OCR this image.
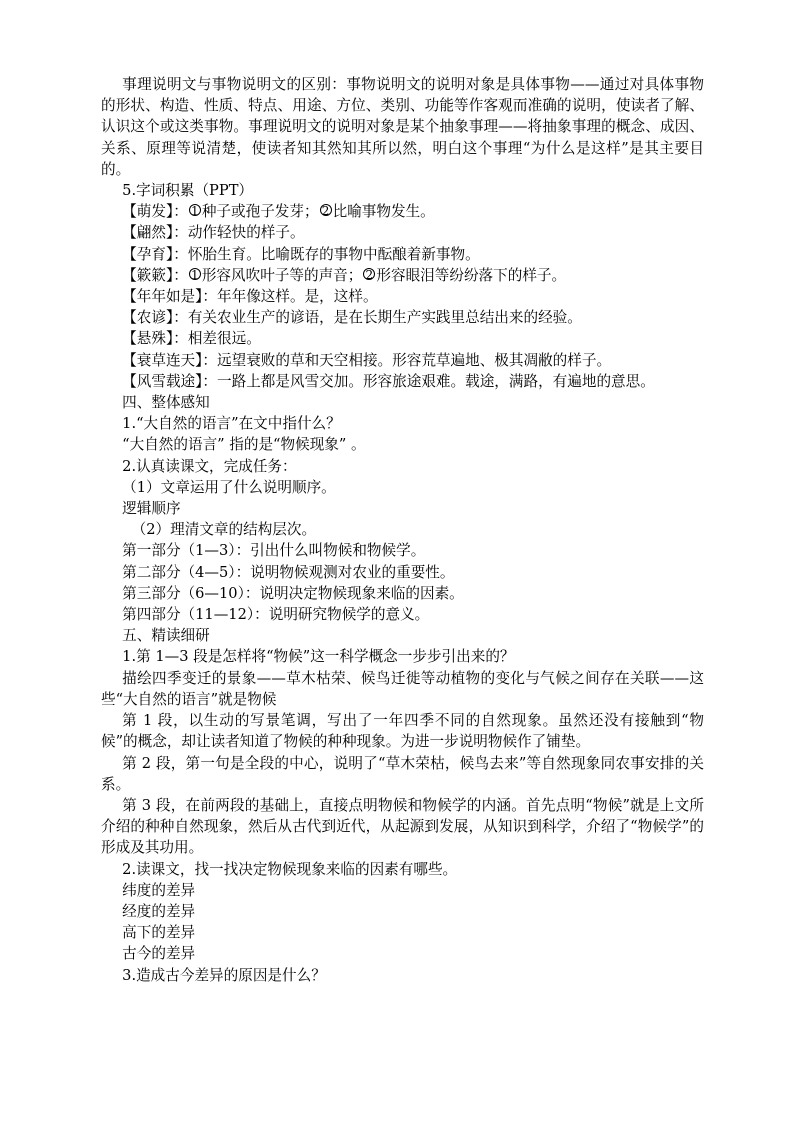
事理说明文与事物说明文的区别：事物说明文的说明对象是具体事物——通过对具体事物的形状、构造、性质、特点、用途、方位、类别、功能等作客观而准确的说明，使读者了解、认识这个或这类事物。事理说明文的说明对象是某个抽象事理——将抽象事理的概念、成因、关系、原理等说清楚，使读者知其然知其所以然，明白这个事理“为什么是这样”是其主要目的。

5.字词积累（PPT）

【萌发】： 1 种子或孢子发芽； 2 比喻事物发生。

【翩然】：动作轻快的样子。

【孕育】：怀胎生育。比喻既存的事物中酝酿着新事物。

【簌簌】： 1 形容风吹叶子等的声音； 2 形容眼泪等纷纷落下的样子。

【年年如是】：年年像这样。是，这样。

【农谚】：有关农业生产的谚语，是在长期生产实践里总结出来的经验。

【悬殊】：相差很远。

【衰草连天】：远望衰败的草和天空相接。形容荒草遍地、极其凋敝的样子。

【风雪载途】：一路上都是风雪交加。形容旅途艰难。载途，满路，有遍地的意思。

四、整体感知

1.“大自然的语言”在文中指什么？

“大自然的语言” 指的是“物候现象” 。

2.认真读课文，完成任务：

（1）文章运用了什么说明顺序。

逻辑顺序

（2）理清文章的结构层次。

第一部分（1—3）：引出什么叫物候和物候学。

第二部分（4—5）：说明物候观测对农业的重要性。

第三部分（6—10）：说明决定物候现象来临的因素。

第四部分（11—12）：说明研究物候学的意义。

五、精读细研

1.第 1—3 段是怎样将“物候”这一科学概念一步步引出来的？

描绘四季变迁的景象——草木枯荣、候鸟迁徙等动植物的变化与气候之间存在关联——这些“大自然的语言”就是物候

第 1 段，以生动的写景笔调，写出了一年四季不同的自然现象。虽然还没有接触到“物候”的概念，却让读者知道了物候的种种现象。为进一步说明物候作了铺垫。

第 2 段，第一句是全段的中心，说明了“草木荣枯，候鸟去来”等自然现象同农事安排的关系。

第 3 段，在前两段的基础上，直接点明物候和物候学的内涵。首先点明“物候”就是上文所介绍的种种自然现象，然后从古代到近代，从起源到发展，从知识到科学，介绍了“物候学”的形成及其功用。

2.读课文，找一找决定物候现象来临的因素有哪些。

纬度的差异

经度的差异

高下的差异

古今的差异

3.造成古今差异的原因是什么？
